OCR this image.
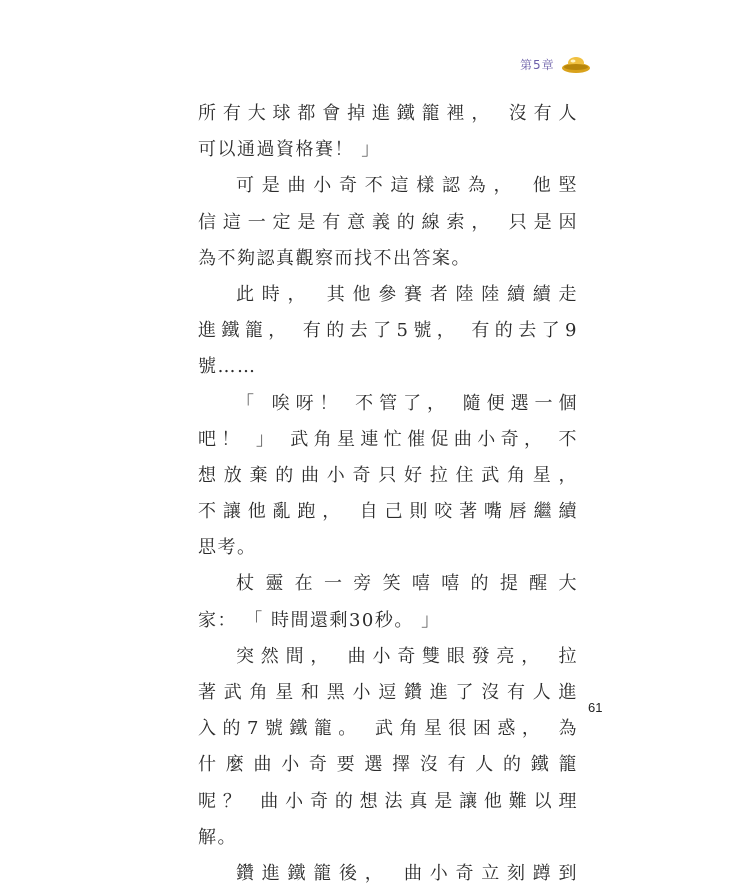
第5章
所有大球都會掉進鐵籠裡， 沒有人
可以通過資格賽！ 」
可是曲小奇不這樣認為， 他堅
信這一定是有意義的線索， 只是因
為不夠認真觀察而找不出答案。
此時， 其他參賽者陸陸續續走
進鐵籠， 有的去了5號， 有的去了9
號……
「 唉呀！ 不管了， 隨便選一個
吧！ 」 武角星連忙催促曲小奇， 不
想放棄的曲小奇只好拉住武角星，
不讓他亂跑， 自己則咬著嘴唇繼續
思考。
杖靈在一旁笑嘻嘻的提醒大
家： 「 時間還剩30秒。 」
突然間， 曲小奇雙眼發亮， 拉
著武角星和黑小逗鑽進了沒有人進
入的7號鐵籠。 武角星很困惑， 為
什麼曲小奇要選擇沒有人的鐵籠
呢？ 曲小奇的想法真是讓他難以理
解。
鑽進鐵籠後， 曲小奇立刻蹲到
61
